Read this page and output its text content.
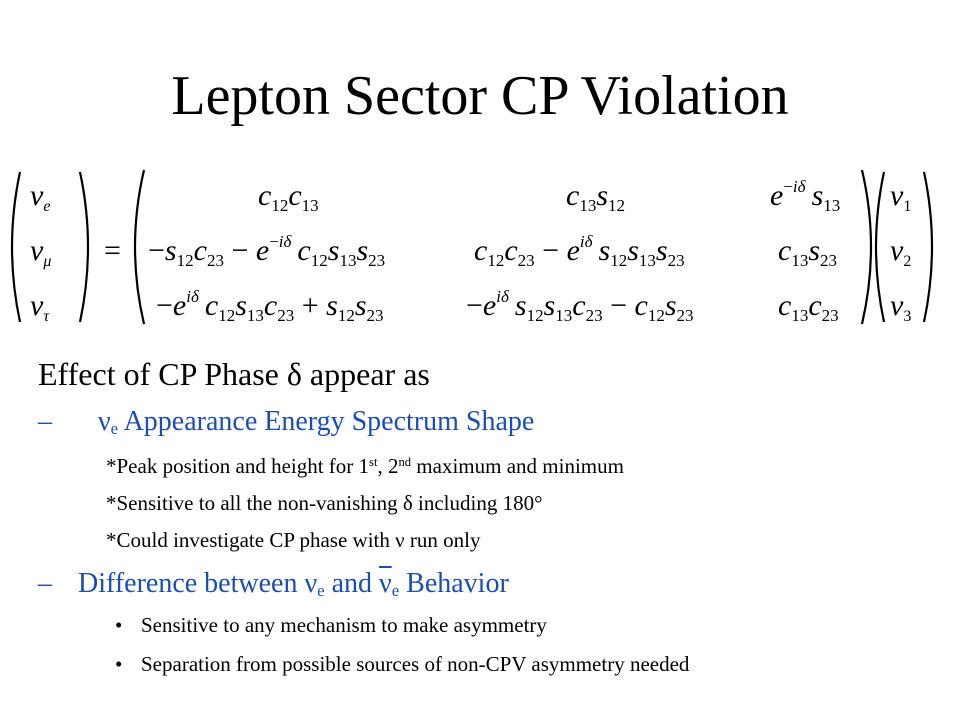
Lepton Sector CP Violation
$\nu_e$
$\nu_\mu$
$\nu_\tau$
=
$c_{12}c_{13}$	$c_{13}s_{12}$	e−iδ $s_{13}$
$-s_{12}c_{23} - e^-i\delta$ $c_{12}s_{13}s_{23}$	$c_{12}c_{23} - e^{i\delta}$ $s_{12}s_{13}s_{23}$	$c_{13}s_{23}$
$-e^{i\delta}$ $c_{12}s_{13}c_{23} + s_{12}s_{23}$	$-e^{i\delta}$ $s_{12}s_{13}c_{23} - c_{12}s_{23}$	$c_{13}c_{23}$
$\nu_1$
$\nu_2$
$\nu_3$
Effect of CP Phase δ appear as
– $\nu_e$ Appearance Energy Spectrum Shape
*Peak position and height for 1st, 2nd maximum and minimum
*Sensitive to all the non-vanishing δ including 180°
*Could investigate CP phase with ν run only
– Difference between $\nu_e$ and $\overline{\nu}_e$ Behavior
• Sensitive to any mechanism to make asymmetry
• Separation from possible sources of non-CPV asymmetry needed
